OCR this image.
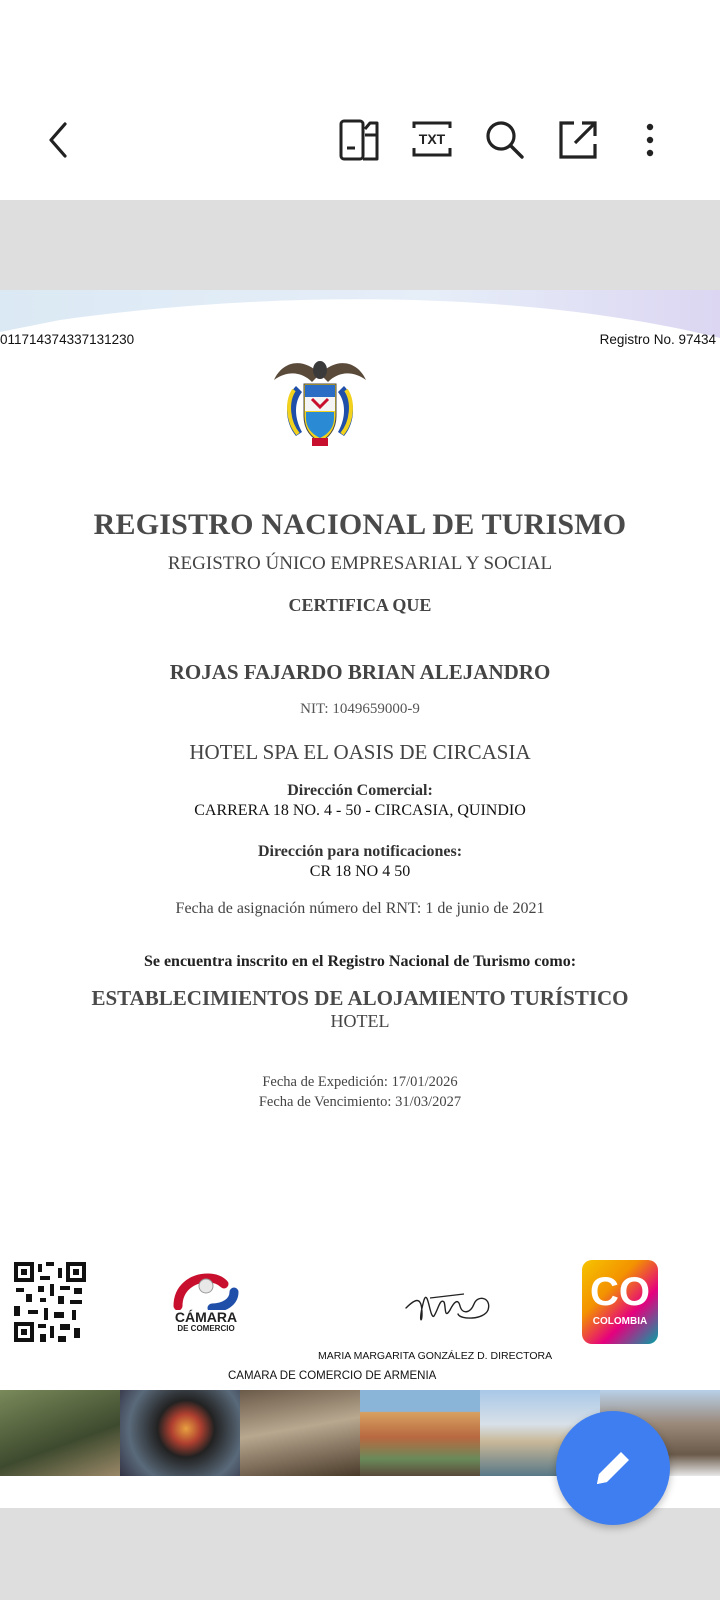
TXT
011714374337131230	Registro No. 97434
REGISTRO NACIONAL DE TURISMO
REGISTRO ÚNICO EMPRESARIAL Y SOCIAL
CERTIFICA QUE
ROJAS FAJARDO BRIAN ALEJANDRO
NIT: 1049659000-9
HOTEL SPA EL OASIS DE CIRCASIA
Dirección Comercial:
CARRERA 18 NO. 4 - 50 - CIRCASIA, QUINDIO
Dirección para notificaciones:
CR 18 NO 4 50
Fecha de asignación número del RNT: 1 de junio de 2021
Se encuentra inscrito en el Registro Nacional de Turismo como:
ESTABLECIMIENTOS DE ALOJAMIENTO TURÍSTICO
HOTEL
Fecha de Expedición: 17/01/2026
Fecha de Vencimiento: 31/03/2027
CÁMARA
DE COMERCIO
MARIA MARGARITA GONZÁLEZ D. DIRECTORA
CAMARA DE COMERCIO DE ARMENIA
CO
COLOMBIA
